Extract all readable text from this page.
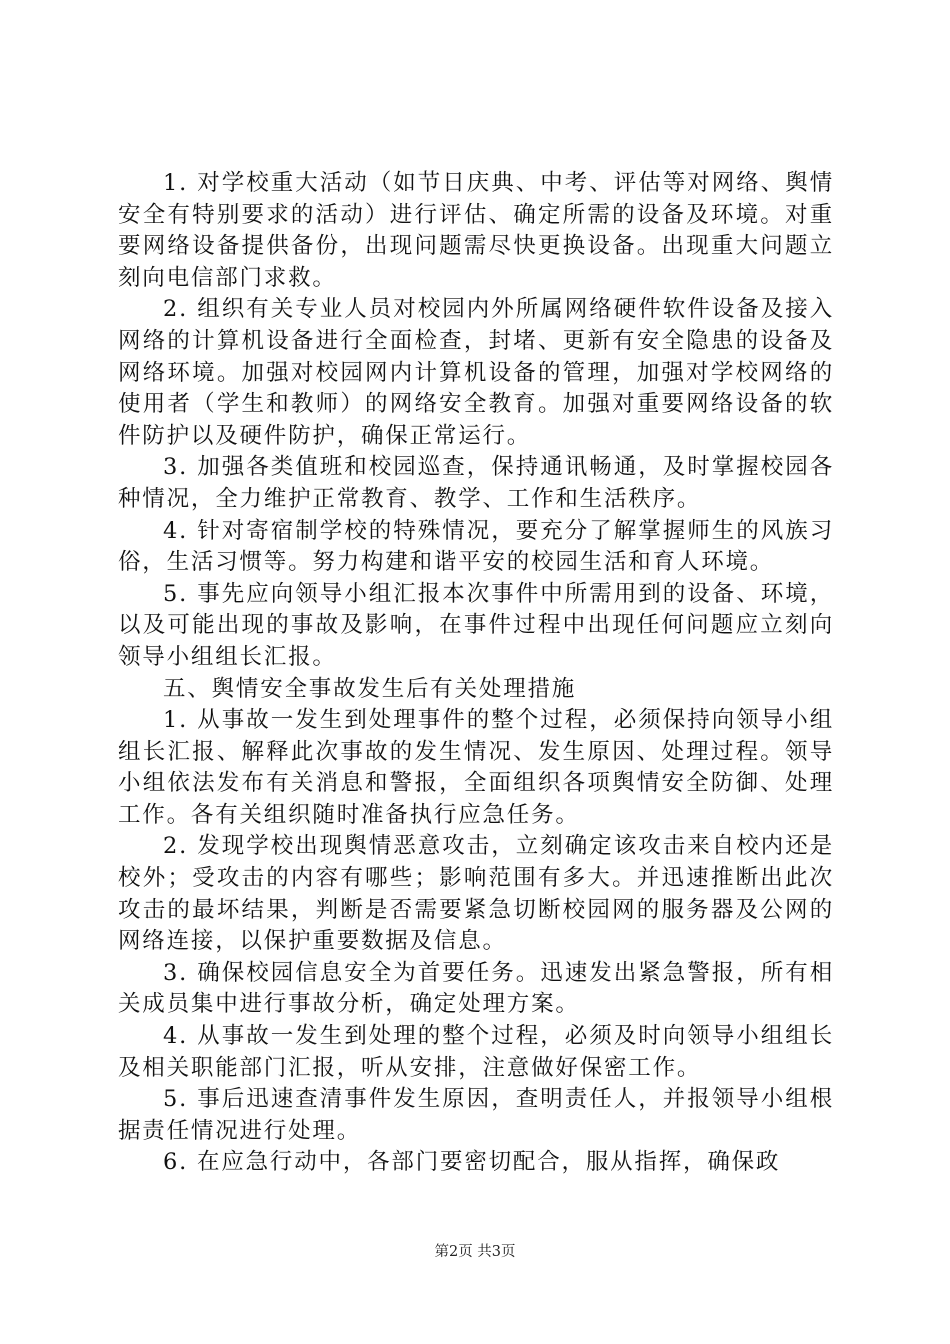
1. 对学校重大活动（如节日庆典、中考、评估等对网络、舆情安全有特别要求的活动）进行评估、确定所需的设备及环境。对重要网络设备提供备份，出现问题需尽快更换设备。出现重大问题立刻向电信部门求救。

2. 组织有关专业人员对校园内外所属网络硬件软件设备及接入网络的计算机设备进行全面检查，封堵、更新有安全隐患的设备及网络环境。加强对校园网内计算机设备的管理，加强对学校网络的使用者（学生和教师）的网络安全教育。加强对重要网络设备的软件防护以及硬件防护，确保正常运行。

3. 加强各类值班和校园巡查，保持通讯畅通，及时掌握校园各种情况，全力维护正常教育、教学、工作和生活秩序。

4. 针对寄宿制学校的特殊情况，要充分了解掌握师生的风族习俗，生活习惯等。努力构建和谐平安的校园生活和育人环境。

5. 事先应向领导小组汇报本次事件中所需用到的设备、环境，以及可能出现的事故及影响，在事件过程中出现任何问题应立刻向领导小组组长汇报。

五、舆情安全事故发生后有关处理措施

1. 从事故一发生到处理事件的整个过程，必须保持向领导小组组长汇报、解释此次事故的发生情况、发生原因、处理过程。领导小组依法发布有关消息和警报，全面组织各项舆情安全防御、处理工作。各有关组织随时准备执行应急任务。

2. 发现学校出现舆情恶意攻击，立刻确定该攻击来自校内还是校外；受攻击的内容有哪些；影响范围有多大。并迅速推断出此次攻击的最坏结果，判断是否需要紧急切断校园网的服务器及公网的网络连接，以保护重要数据及信息。

3. 确保校园信息安全为首要任务。迅速发出紧急警报，所有相关成员集中进行事故分析，确定处理方案。

4. 从事故一发生到处理的整个过程，必须及时向领导小组组长及相关职能部门汇报，听从安排，注意做好保密工作。

5. 事后迅速查清事件发生原因，查明责任人，并报领导小组根据责任情况进行处理。

6. 在应急行动中，各部门要密切配合，服从指挥，确保政

第2页 共3页
